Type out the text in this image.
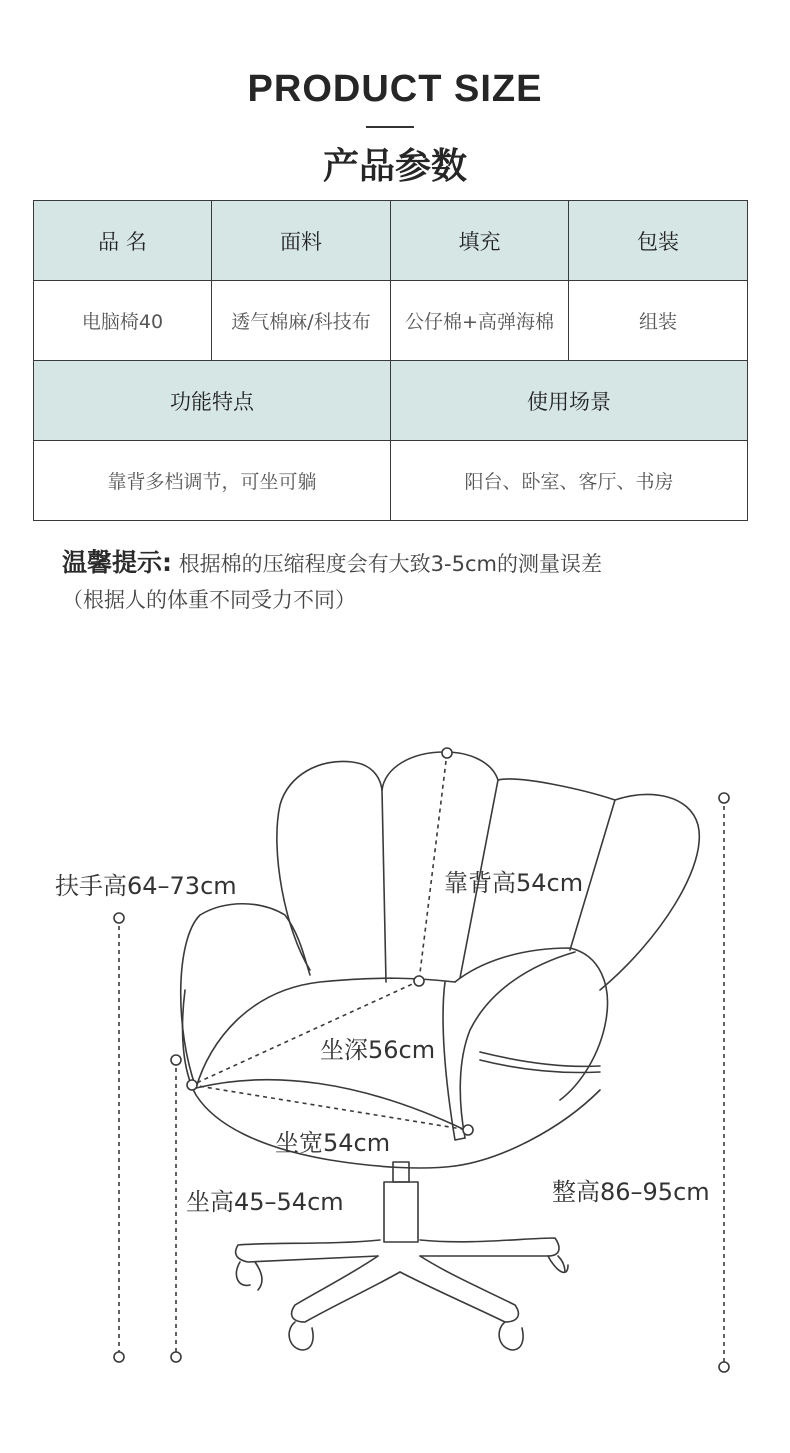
PRODUCT SIZE
产品参数
品 名	面料	填充	包装
电脑椅40	透气棉麻/科技布	公仔棉+高弹海棉	组装
功能特点		使用场景	
靠背多档调节，可坐可躺		阳台、卧室、客厅、书房	
温馨提示: 根据棉的压缩程度会有大致3-5cm的测量误差
（根据人的体重不同受力不同）
扶手高64–73cm	靠背高54cm
坐深56cm
坐宽54cm
坐高45–54cm	整高86–95cm
